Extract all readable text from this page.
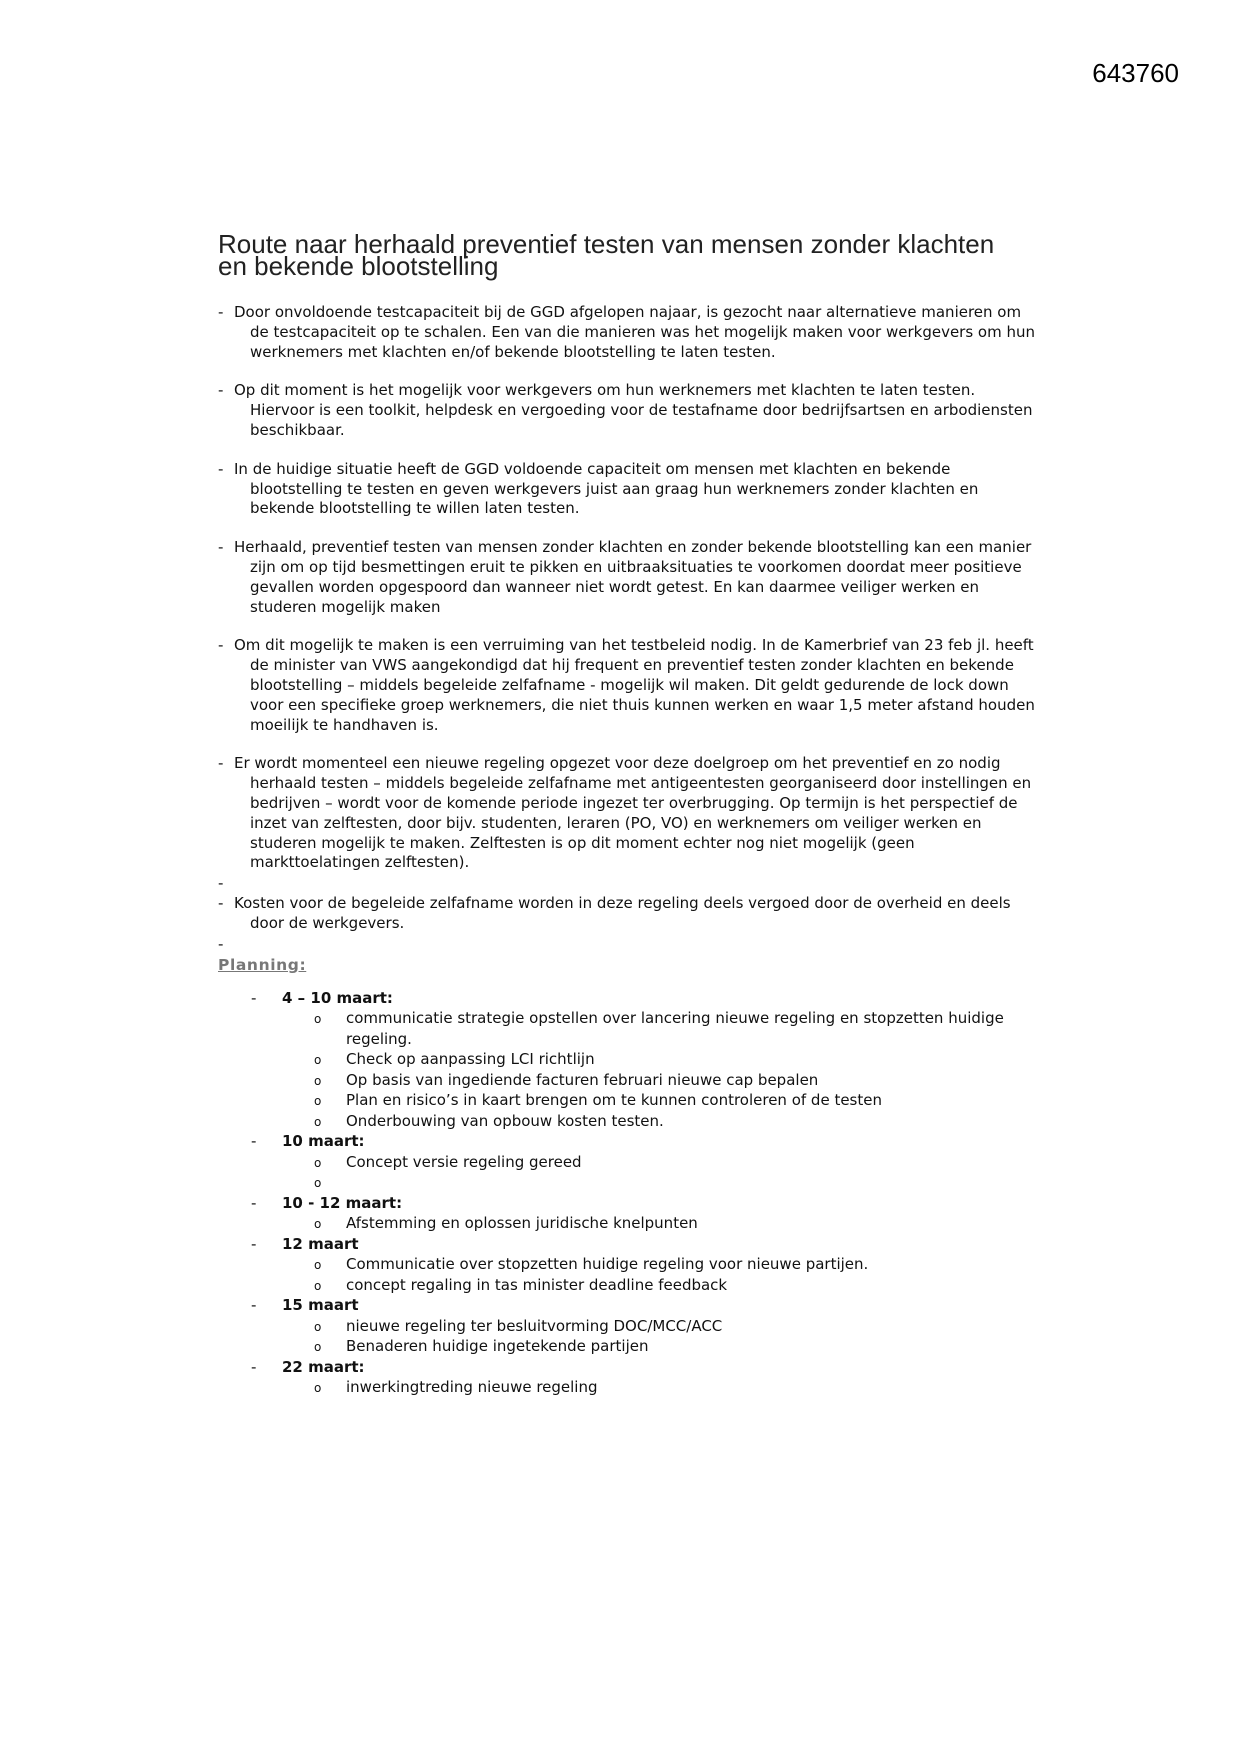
643760

Route naar herhaald preventief testen van mensen zonder klachten
en bekende blootstelling
- Door onvoldoende testcapaciteit bij de GGD afgelopen najaar, is gezocht naar alternatieve manieren om de testcapaciteit op te schalen. Een van die manieren was het mogelijk maken voor werkgevers om hun werknemers met klachten en/of bekende blootstelling te laten testen.
- Op dit moment is het mogelijk voor werkgevers om hun werknemers met klachten te laten testen. Hiervoor is een toolkit, helpdesk en vergoeding voor de testafname door bedrijfsartsen en arbodiensten beschikbaar.
- In de huidige situatie heeft de GGD voldoende capaciteit om mensen met klachten en bekende blootstelling te testen en geven werkgevers juist aan graag hun werknemers zonder klachten en bekende blootstelling te willen laten testen.
- Herhaald, preventief testen van mensen zonder klachten en zonder bekende blootstelling kan een manier zijn om op tijd besmettingen eruit te pikken en uitbraaksituaties te voorkomen doordat meer positieve gevallen worden opgespoord dan wanneer niet wordt getest. En kan daarmee veiliger werken en studeren mogelijk maken
- Om dit mogelijk te maken is een verruiming van het testbeleid nodig. In de Kamerbrief van 23 feb jl. heeft de minister van VWS aangekondigd dat hij frequent en preventief testen zonder klachten en bekende blootstelling – middels begeleide zelfafname - mogelijk wil maken. Dit geldt gedurende de lock down voor een specifieke groep werknemers, die niet thuis kunnen werken en waar 1,5 meter afstand houden moeilijk te handhaven is.
- Er wordt momenteel een nieuwe regeling opgezet voor deze doelgroep om het preventief en zo nodig herhaald testen – middels begeleide zelfafname met antigeentesten georganiseerd door instellingen en bedrijven – wordt voor de komende periode ingezet ter overbrugging. Op termijn is het perspectief de inzet van zelftesten, door bijv. studenten, leraren (PO, VO) en werknemers om veiliger werken en studeren mogelijk te maken. Zelftesten is op dit moment echter nog niet mogelijk (geen markttoelatingen zelftesten).
-
- Kosten voor de begeleide zelfafname worden in deze regeling deels vergoed door de overheid en deels door de werkgevers.
-
Planning:

- 4 – 10 maart:

o communicatie strategie opstellen over lancering nieuwe regeling en stopzetten huidige regeling.
o Check op aanpassing LCI richtlijn
o Op basis van ingediende facturen februari nieuwe cap bepalen
o Plan en risico’s in kaart brengen om te kunnen controleren of de testen
o Onderbouwing van opbouw kosten testen.

- 10 maart:

o Concept versie regeling gereed
o

- 10 - 12 maart:

o Afstemming en oplossen juridische knelpunten

- 12 maart

o Communicatie over stopzetten huidige regeling voor nieuwe partijen.
o concept regaling in tas minister deadline feedback

- 15 maart

o nieuwe regeling ter besluitvorming DOC/MCC/ACC
o Benaderen huidige ingetekende partijen

- 22 maart:

o inwerkingtreding nieuwe regeling
